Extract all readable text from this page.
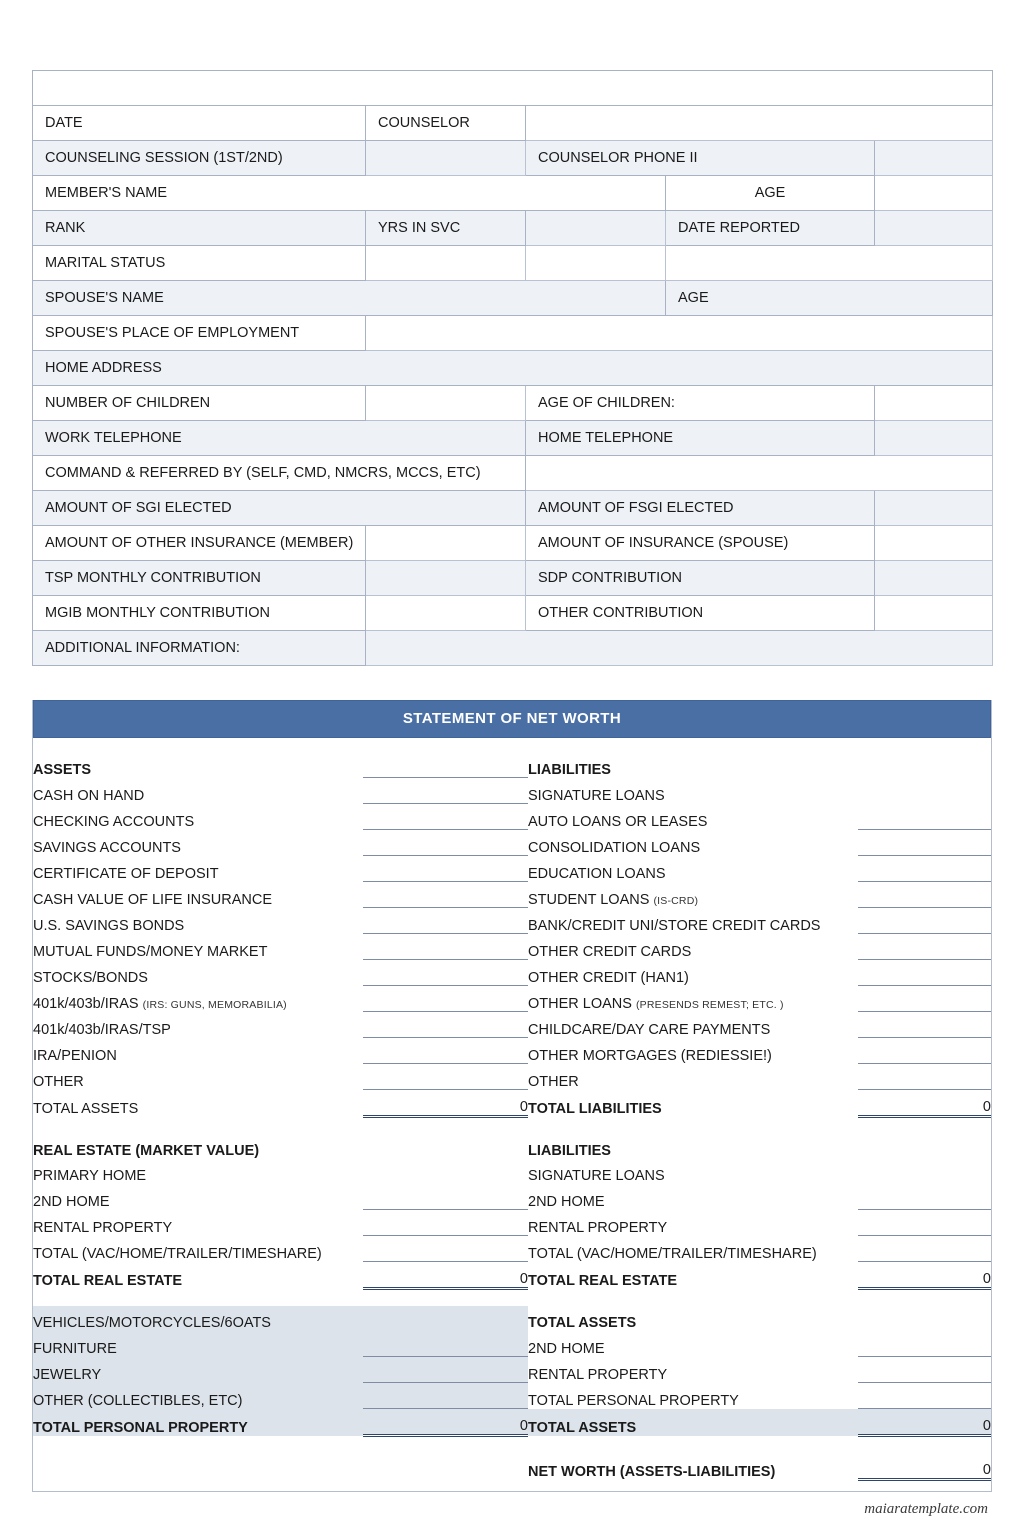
FINANCIAL PLANNING WORKSHEET				
DATE	COUNSELOR			
COUNSELING SESSION (1ST/2ND)		COUNSELOR PHONE II		
MEMBER'S NAME			AGE	
RANK	YRS IN SVC		DATE REPORTED	
MARITAL STATUS				
SPOUSE'S NAME			AGE	
SPOUSE'S PLACE OF EMPLOYMENT				
HOME ADDRESS				
NUMBER OF CHILDREN		AGE OF CHILDREN:		
WORK TELEPHONE		HOME TELEPHONE		
COMMAND & REFERRED BY (SELF, CMD, NMCRS, MCCS, ETC)				
AMOUNT OF SGI ELECTED		AMOUNT OF FSGI ELECTED		
AMOUNT OF OTHER INSURANCE (MEMBER)		AMOUNT OF INSURANCE (SPOUSE)		
TSP MONTHLY CONTRIBUTION		SDP CONTRIBUTION		
MGIB MONTHLY CONTRIBUTION		OTHER CONTRIBUTION		
ADDITIONAL INFORMATION:				
STATEMENT OF NET WORTH
ASSETS		LIABILITIES	
CASH ON HAND		SIGNATURE LOANS	
CHECKING ACCOUNTS		AUTO LOANS OR LEASES	
SAVINGS ACCOUNTS		CONSOLIDATION LOANS	
CERTIFICATE OF DEPOSIT		EDUCATION LOANS	
CASH VALUE OF LIFE INSURANCE		STUDENT LOANS (IS-CRD)	
U.S. SAVINGS BONDS		BANK/CREDIT UNI/STORE CREDIT CARDS	
MUTUAL FUNDS/MONEY MARKET		OTHER CREDIT CARDS	
STOCKS/BONDS		OTHER CREDIT (HAN1)	
401k/403b/IRAS (IRS: GUNS, MEMORABILIA)		OTHER LOANS (PRESENDS REMEST; ETC. )	
401k/403b/IRAS/TSP		CHILDCARE/DAY CARE PAYMENTS	
IRA/PENION		OTHER MORTGAGES (REDIESSIE!)	
OTHER		OTHER	
TOTAL ASSETS	0	TOTAL LIABILITIES	0

REAL ESTATE (MARKET VALUE)		LIABILITIES	
PRIMARY HOME		SIGNATURE LOANS	
2ND HOME		2ND HOME	
RENTAL PROPERTY		RENTAL PROPERTY	
TOTAL (VAC/HOME/TRAILER/TIMESHARE)		TOTAL (VAC/HOME/TRAILER/TIMESHARE)	
TOTAL REAL ESTATE	0	TOTAL REAL ESTATE	0

VEHICLES/MOTORCYCLES/6OATS		TOTAL ASSETS	
FURNITURE		2ND HOME	
JEWELRY		RENTAL PROPERTY	
OTHER (COLLECTIBLES, ETC)		TOTAL PERSONAL PROPERTY	
TOTAL PERSONAL PROPERTY	0	TOTAL ASSETS	0

		NET WORTH (ASSETS-LIABILITIES)	0
maiaratemplate.com
